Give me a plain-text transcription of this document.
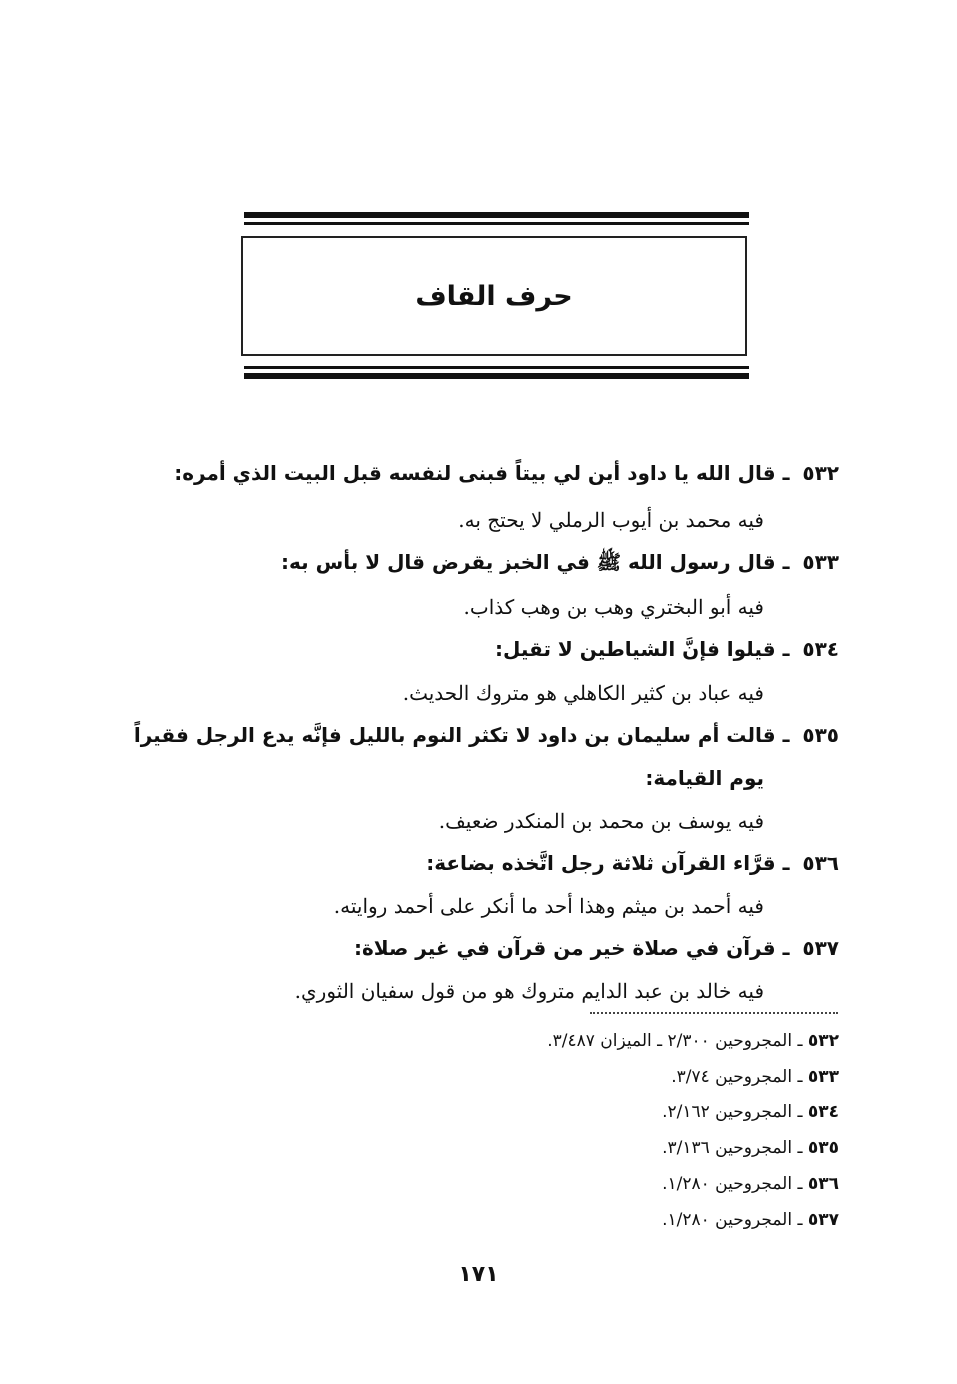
حرف القاف
٥٣٢ ـ قال الله يا داود أين لي بيتاً فبنى لنفسه قبل البيت الذي أمره:
فيه محمد بن أيوب الرملي لا يحتج به.
٥٣٣ ـ قال رسول الله ﷺ في الخبز يقرض قال لا بأس به:
فيه أبو البختري وهب بن وهب كذاب.
٥٣٤ ـ قيلوا فإنَّ الشياطين لا تقيل:
فيه عباد بن كثير الكاهلي هو متروك الحديث.
٥٣٥ ـ قالت أم سليمان بن داود لا تكثر النوم بالليل فإنَّه يدع الرجل فقيراً
يوم القيامة:
فيه يوسف بن محمد بن المنكدر ضعيف.
٥٣٦ ـ قرَّاء القرآن ثلاثة رجل اتَّخذه بضاعة:
فيه أحمد بن ميثم وهذا أحد ما أنكر على أحمد روايته.
٥٣٧ ـ قرآن في صلاة خير من قرآن في غير صلاة:
فيه خالد بن عبد الدايم متروك هو من قول سفيان الثوري.
٥٣٢ ـ المجروحين ٢/٣٠٠ ـ الميزان ٣/٤٨٧.
٥٣٣ ـ المجروحين ٣/٧٤.
٥٣٤ ـ المجروحين ٢/١٦٢.
٥٣٥ ـ المجروحين ٣/١٣٦.
٥٣٦ ـ المجروحين ١/٢٨٠.
٥٣٧ ـ المجروحين ١/٢٨٠.
١٧١
